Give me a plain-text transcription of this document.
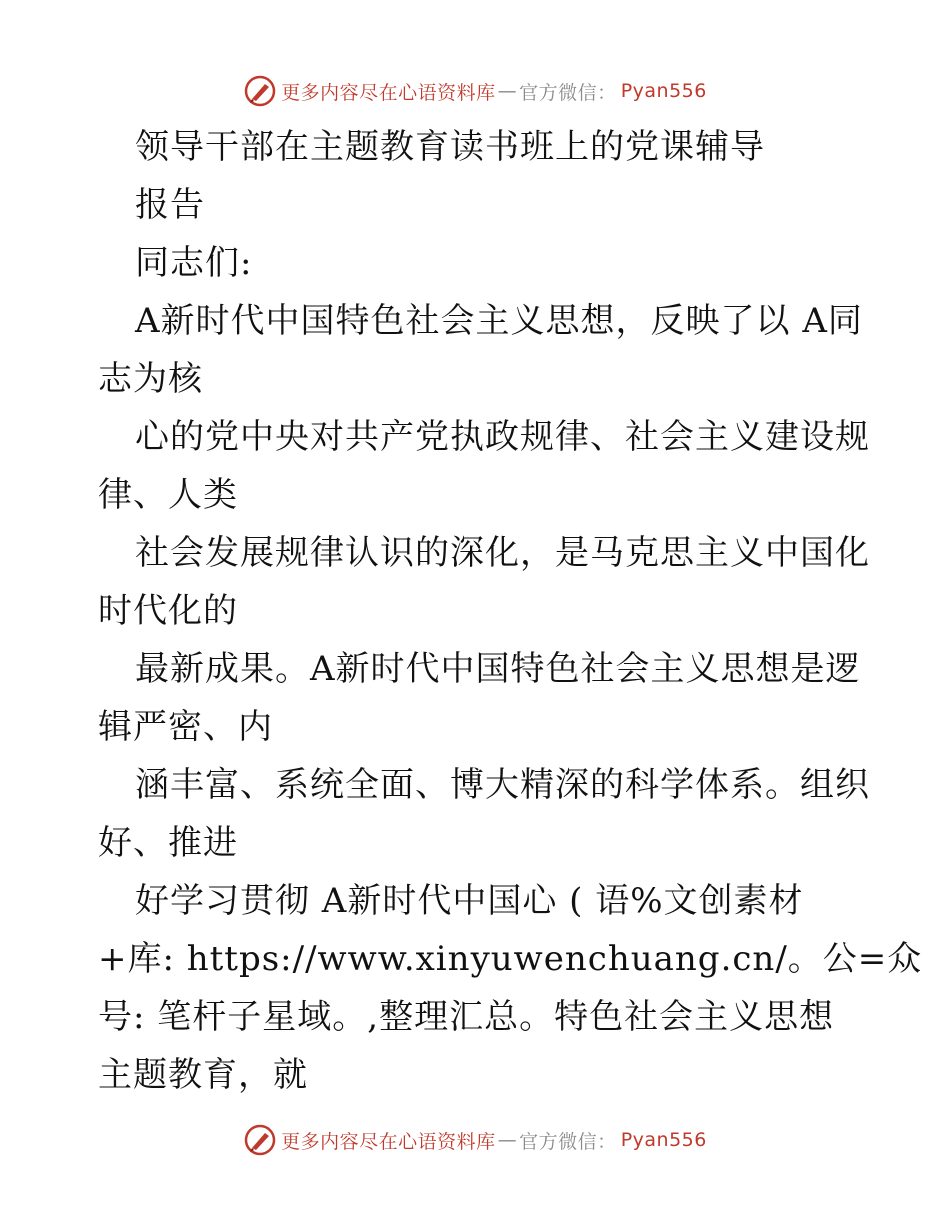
更多内容尽在心语资料库 — 官方微信： Pyan556
领导干部在主题教育读书班上的党课辅导
报告
同志们:
A新时代中国特色社会主义思想，反映了以 A同
志为核
心的党中央对共产党执政规律、社会主义建设规
律、人类
社会发展规律认识的深化，是马克思主义中国化
时代化的
最新成果。A新时代中国特色社会主义思想是逻
辑严密、内
涵丰富、系统全面、博大精深的科学体系。组织
好、推进
好学习贯彻 A新时代中国心 ( 语%文创素材
+库: https://www.xinyuwenchuang.cn/。公=众
号: 笔杆子星域。,整理汇总。特色社会主义思想
主题教育，就
更多内容尽在心语资料库 — 官方微信： Pyan556
